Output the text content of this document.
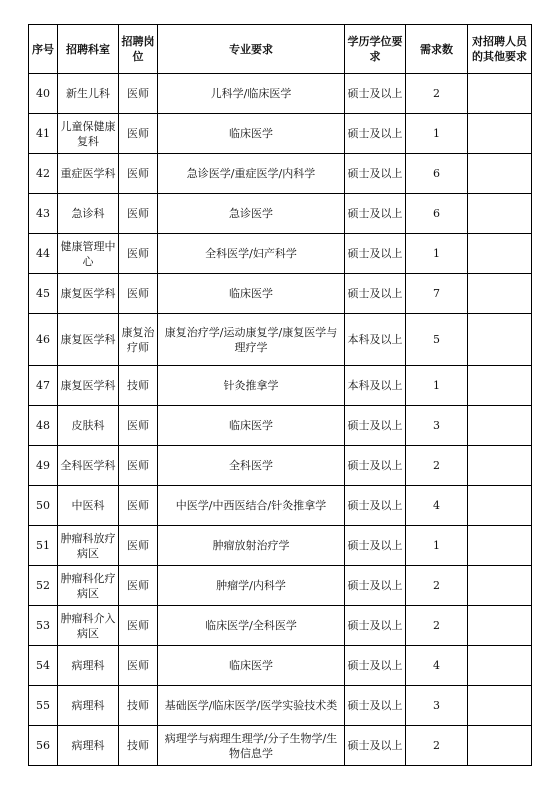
序号	招聘科室	招聘岗位	专业要求	学历学位要求	需求数	对招聘人员的其他要求
40	新生儿科	医师	儿科学/临床医学	硕士及以上	2	
41	儿童保健康复科	医师	临床医学	硕士及以上	1	
42	重症医学科	医师	急诊医学/重症医学/内科学	硕士及以上	6	
43	急诊科	医师	急诊医学	硕士及以上	6	
44	健康管理中心	医师	全科医学/妇产科学	硕士及以上	1	
45	康复医学科	医师	临床医学	硕士及以上	7	
46	康复医学科	康复治疗师	康复治疗学/运动康复学/康复医学与理疗学	本科及以上	5	
47	康复医学科	技师	针灸推拿学	本科及以上	1	
48	皮肤科	医师	临床医学	硕士及以上	3	
49	全科医学科	医师	全科医学	硕士及以上	2	
50	中医科	医师	中医学/中西医结合/针灸推拿学	硕士及以上	4	
51	肿瘤科放疗病区	医师	肿瘤放射治疗学	硕士及以上	1	
52	肿瘤科化疗病区	医师	肿瘤学/内科学	硕士及以上	2	
53	肿瘤科介入病区	医师	临床医学/全科医学	硕士及以上	2	
54	病理科	医师	临床医学	硕士及以上	4	
55	病理科	技师	基础医学/临床医学/医学实验技术类	硕士及以上	3	
56	病理科	技师	病理学与病理生理学/分子生物学/生物信息学	硕士及以上	2	
